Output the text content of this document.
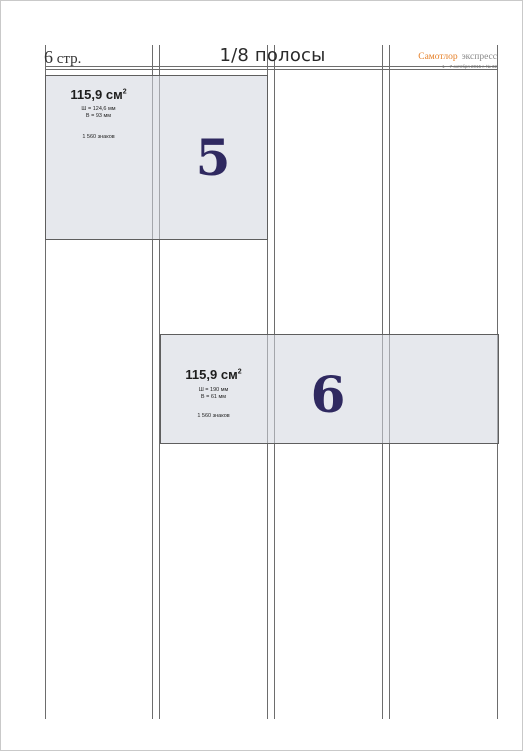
6 стр.	1/8 полосы	Самотлор экспресс
1 – 7 октября 2015 г. № 32
115,9 $см^2$
Ш = 124,6 мм
В = 93 мм
1 560 знаков	5
115,9 $см^2$
Ш = 190 мм
В = 61 мм
1 560 знаков	6
